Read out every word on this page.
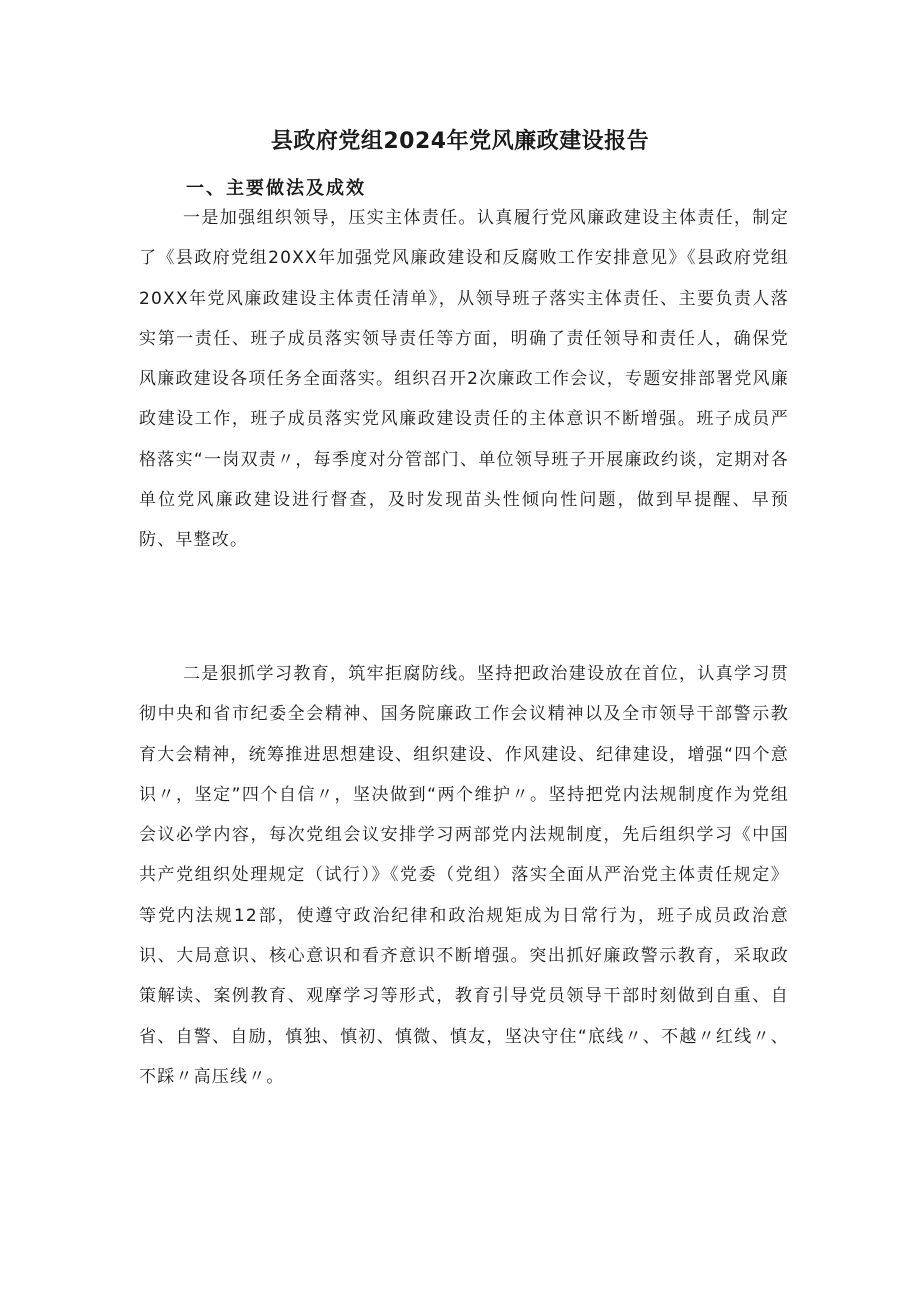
县政府党组2024年党风廉政建设报告
一、主要做法及成效

一是加强组织领导，压实主体责任。认真履行党风廉政建设主体责任，制定了《县政府党组20XX年加强党风廉政建设和反腐败工作安排意见》《县政府党组20XX年党风廉政建设主体责任清单》，从领导班子落实主体责任、主要负责人落实第一责任、班子成员落实领导责任等方面，明确了责任领导和责任人，确保党风廉政建设各项任务全面落实。组织召开2次廉政工作会议，专题安排部署党风廉政建设工作，班子成员落实党风廉政建设责任的主体意识不断增强。班子成员严格落实“一岗双责〃，每季度对分管部门、单位领导班子开展廉政约谈，定期对各单位党风廉政建设进行督查，及时发现苗头性倾向性问题，做到早提醒、早预防、早整改。

二是狠抓学习教育，筑牢拒腐防线。坚持把政治建设放在首位，认真学习贯彻中央和省市纪委全会精神、国务院廉政工作会议精神以及全市领导干部警示教育大会精神，统筹推进思想建设、组织建设、作风建设、纪律建设，增强“四个意识〃，坚定”四个自信〃，坚决做到“两个维护〃。坚持把党内法规制度作为党组会议必学内容，每次党组会议安排学习两部党内法规制度，先后组织学习《中国共产党组织处理规定（试行）》《党委（党组）落实全面从严治党主体责任规定》等党内法规12部，使遵守政治纪律和政治规矩成为日常行为，班子成员政治意识、大局意识、核心意识和看齐意识不断增强。突出抓好廉政警示教育，采取政策解读、案例教育、观摩学习等形式，教育引导党员领导干部时刻做到自重、自省、自警、自励，慎独、慎初、慎微、慎友，坚决守住“底线〃、不越〃红线〃、不踩〃高压线〃。
